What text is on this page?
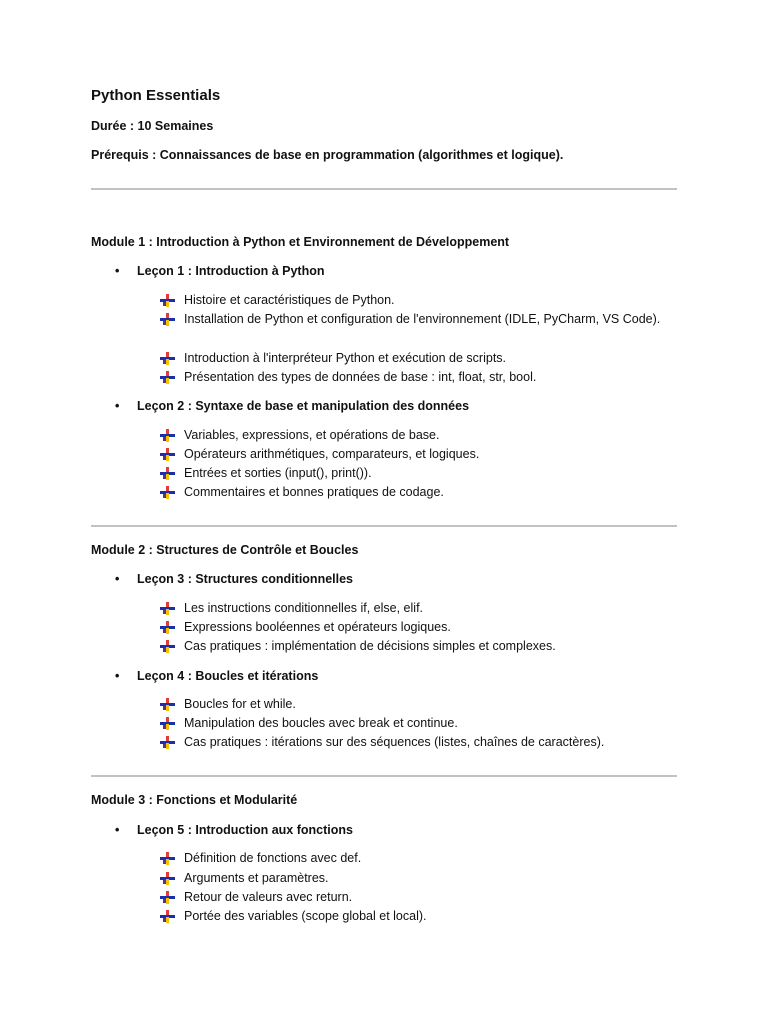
Python Essentials
Durée : 10 Semaines
Prérequis : Connaissances de base en programmation (algorithmes et logique).
Module 1 : Introduction à Python et Environnement de Développement
•	Leçon 1 : Introduction à Python
Histoire et caractéristiques de Python.
Installation de Python et configuration de l'environnement (IDLE, PyCharm, VS Code).
Introduction à l'interpréteur Python et exécution de scripts.
Présentation des types de données de base : int, float, str, bool.
•	Leçon 2 : Syntaxe de base et manipulation des données
Variables, expressions, et opérations de base.
Opérateurs arithmétiques, comparateurs, et logiques.
Entrées et sorties (input(), print()).
Commentaires et bonnes pratiques de codage.
Module 2 : Structures de Contrôle et Boucles
•	Leçon 3 : Structures conditionnelles
Les instructions conditionnelles if, else, elif.
Expressions booléennes et opérateurs logiques.
Cas pratiques : implémentation de décisions simples et complexes.
•	Leçon 4 : Boucles et itérations
Boucles for et while.
Manipulation des boucles avec break et continue.
Cas pratiques : itérations sur des séquences (listes, chaînes de caractères).
Module 3 : Fonctions et Modularité
•	Leçon 5 : Introduction aux fonctions
Définition de fonctions avec def.
Arguments et paramètres.
Retour de valeurs avec return.
Portée des variables (scope global et local).
